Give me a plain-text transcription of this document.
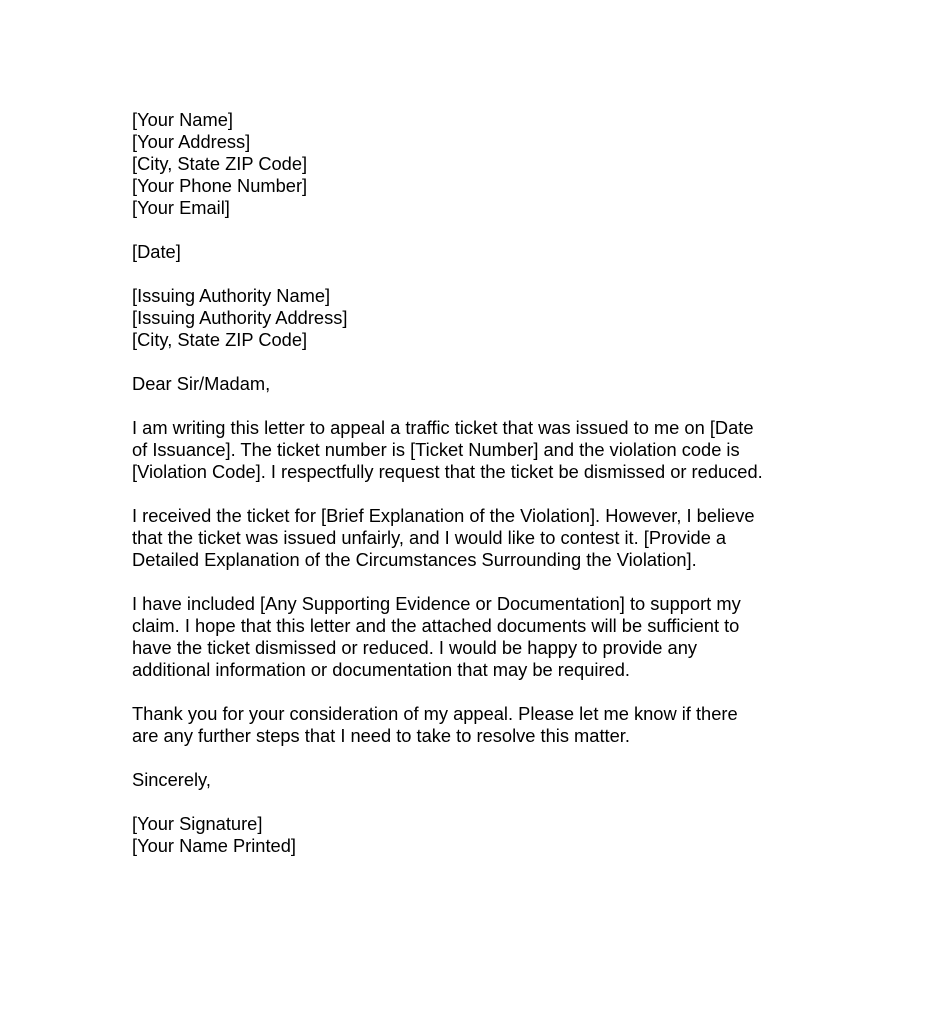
[Your Name]
[Your Address]
[City, State ZIP Code]
[Your Phone Number]
[Your Email]
[Date]
[Issuing Authority Name]
[Issuing Authority Address]
[City, State ZIP Code]
Dear Sir/Madam,
I am writing this letter to appeal a traffic ticket that was issued to me on [Date
of Issuance]. The ticket number is [Ticket Number] and the violation code is
[Violation Code]. I respectfully request that the ticket be dismissed or reduced.
I received the ticket for [Brief Explanation of the Violation]. However, I believe
that the ticket was issued unfairly, and I would like to contest it. [Provide a
Detailed Explanation of the Circumstances Surrounding the Violation].
I have included [Any Supporting Evidence or Documentation] to support my
claim. I hope that this letter and the attached documents will be sufficient to
have the ticket dismissed or reduced. I would be happy to provide any
additional information or documentation that may be required.
Thank you for your consideration of my appeal. Please let me know if there
are any further steps that I need to take to resolve this matter.
Sincerely,
[Your Signature]
[Your Name Printed]
